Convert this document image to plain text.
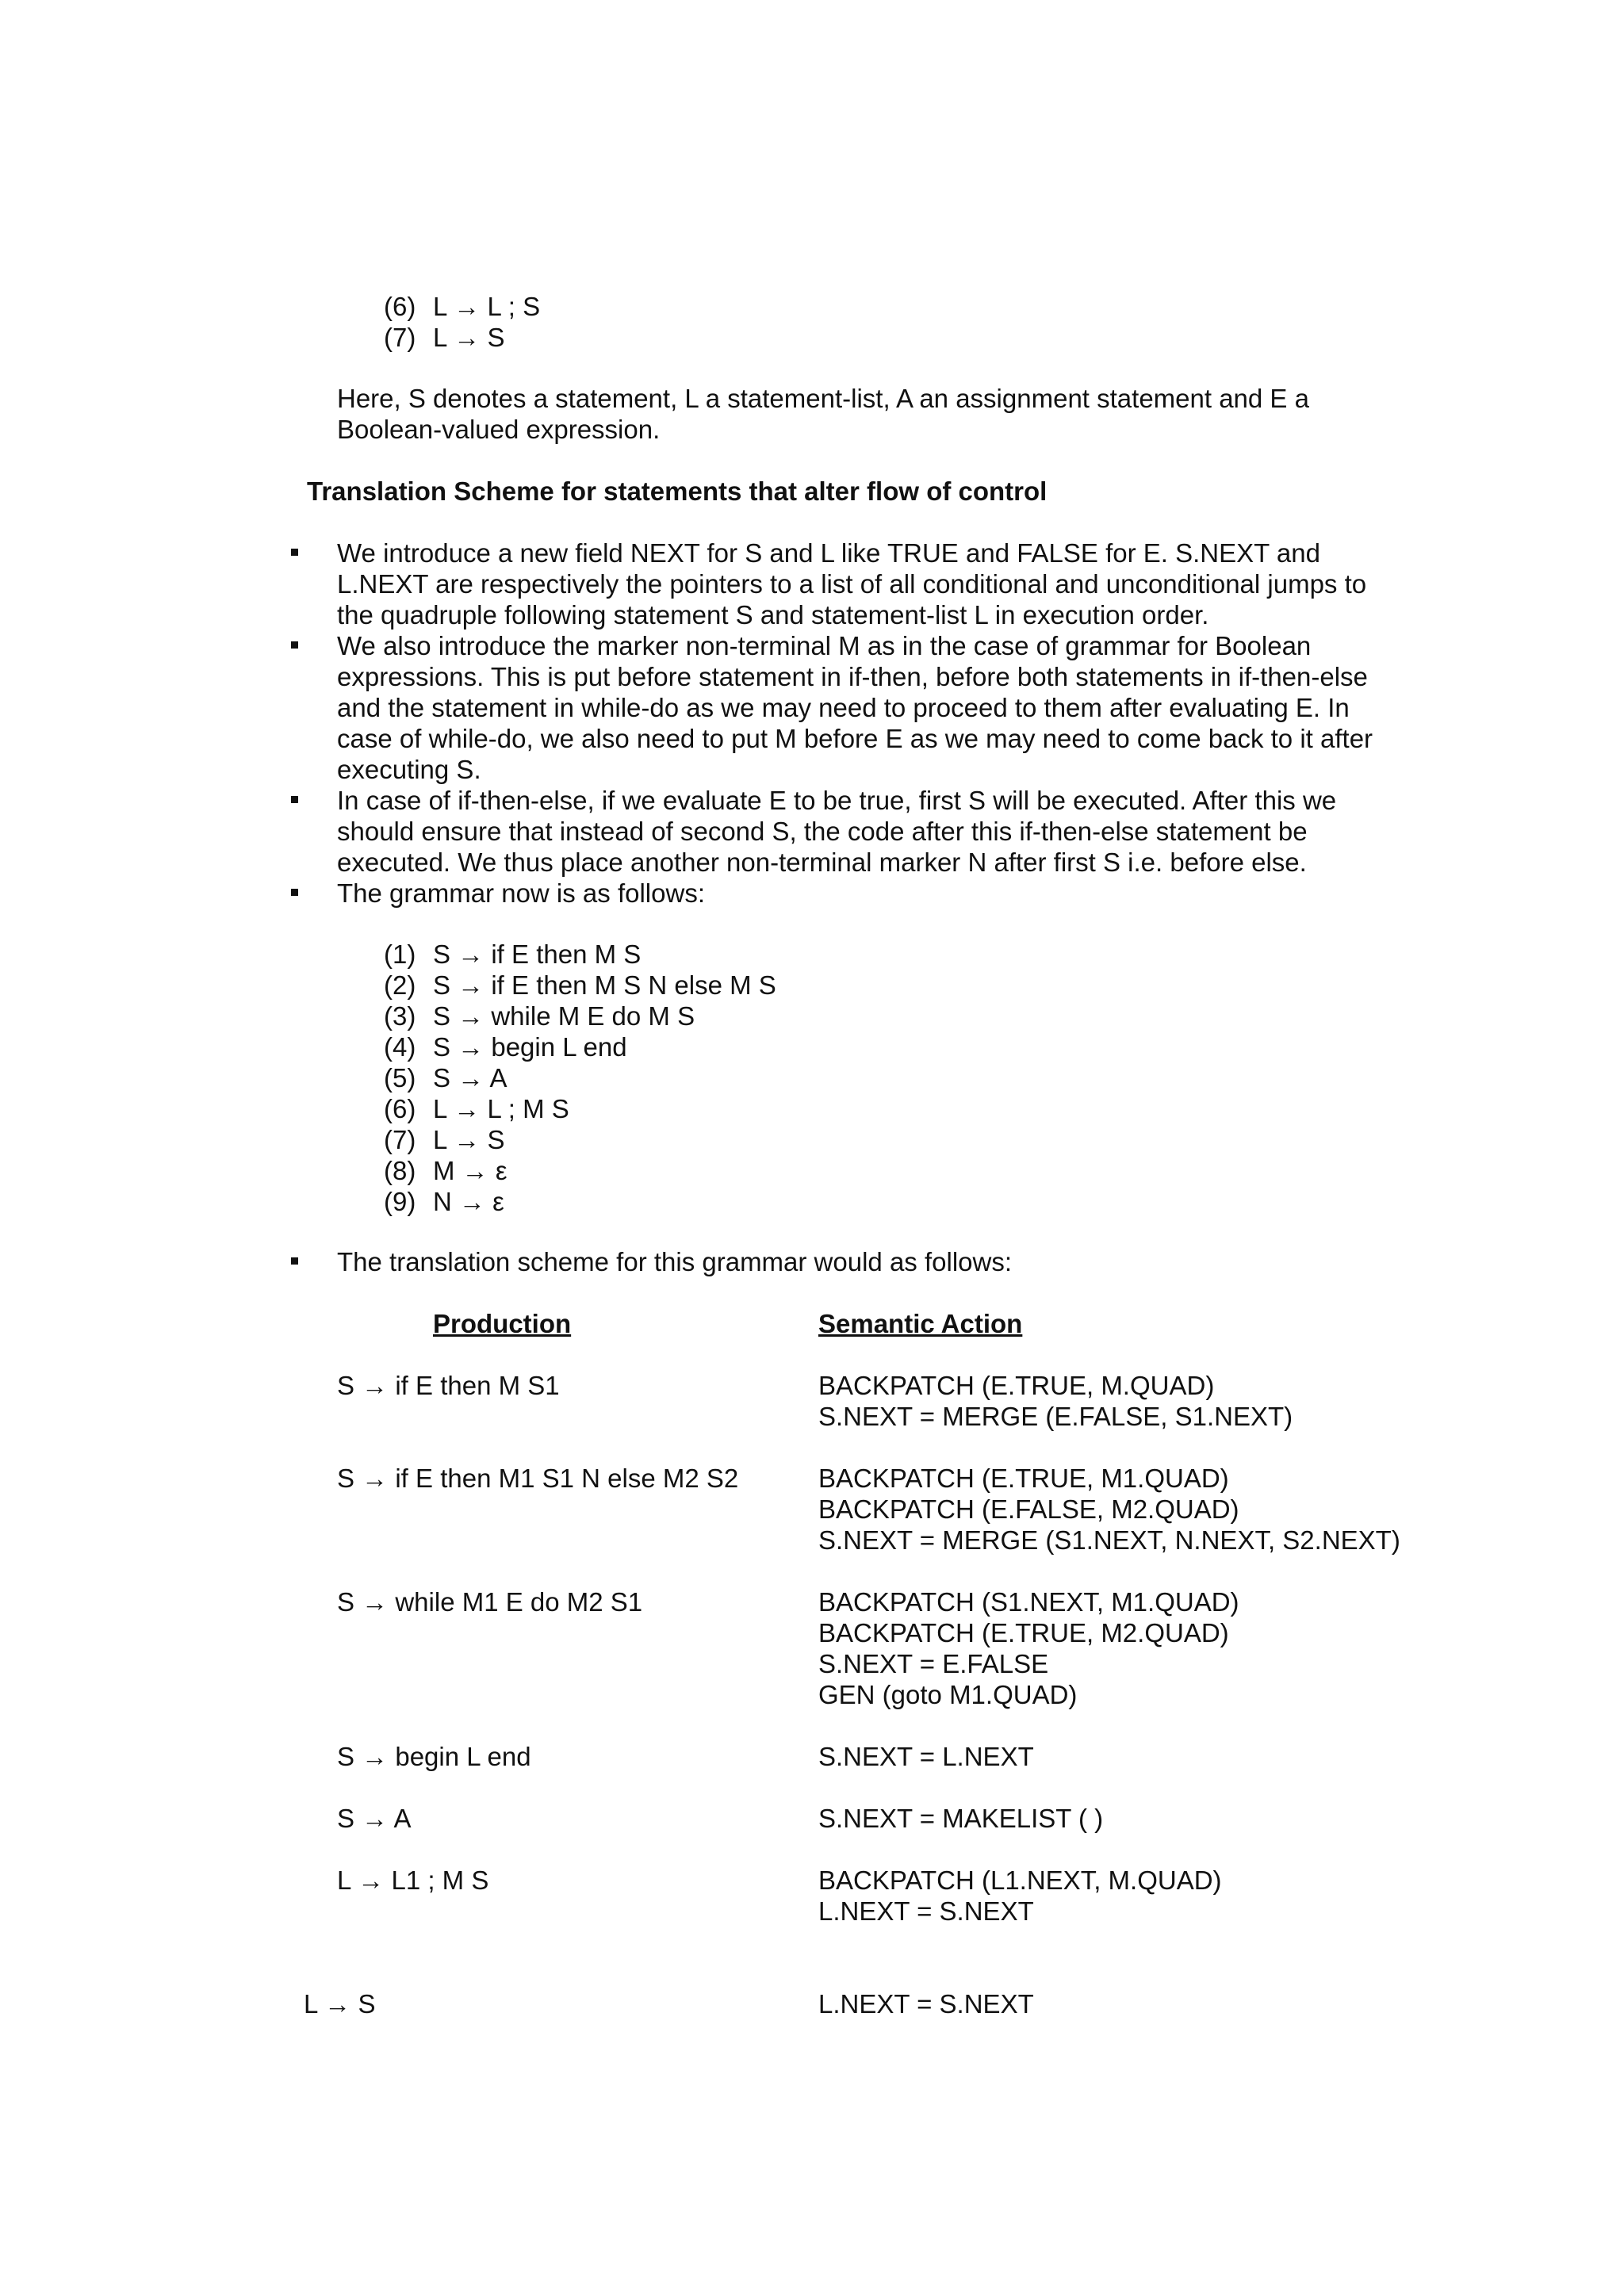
(6) L → L ; S
(7) L → S
Here, S denotes a statement, L a statement-list, A an assignment statement and E a
Boolean-valued expression.
Translation Scheme for statements that alter flow of control
We introduce a new field NEXT for S and L like TRUE and FALSE for E. S.NEXT and
L.NEXT are respectively the pointers to a list of all conditional and unconditional jumps to
the quadruple following statement S and statement-list L in execution order.
We also introduce the marker non-terminal M as in the case of grammar for Boolean
expressions. This is put before statement in if-then, before both statements in if-then-else
and the statement in while-do as we may need to proceed to them after evaluating E. In
case of while-do, we also need to put M before E as we may need to come back to it after
executing S.
In case of if-then-else, if we evaluate E to be true, first S will be executed. After this we
should ensure that instead of second S, the code after this if-then-else statement be
executed. We thus place another non-terminal marker N after first S i.e. before else.
The grammar now is as follows:
(1) S → if E then M S
(2) S → if E then M S N else M S
(3) S → while M E do M S
(4) S → begin L end
(5) S → A
(6) L → L ; M S
(7) L → S
(8) M → ε
(9) N → ε
The translation scheme for this grammar would as follows:
Production	Semantic Action
S → if E then M S1	BACKPATCH (E.TRUE, M.QUAD)
S.NEXT = MERGE (E.FALSE, S1.NEXT)
S → if E then M1 S1 N else M2 S2	BACKPATCH (E.TRUE, M1.QUAD)
BACKPATCH (E.FALSE, M2.QUAD)
S.NEXT = MERGE (S1.NEXT, N.NEXT, S2.NEXT)
S → while M1 E do M2 S1	BACKPATCH (S1.NEXT, M1.QUAD)
BACKPATCH (E.TRUE, M2.QUAD)
S.NEXT = E.FALSE
GEN (goto M1.QUAD)
S → begin L end	S.NEXT = L.NEXT
S → A	S.NEXT = MAKELIST ( )
L → L1 ; M S	BACKPATCH (L1.NEXT, M.QUAD)
L.NEXT = S.NEXT
L → S	L.NEXT = S.NEXT
